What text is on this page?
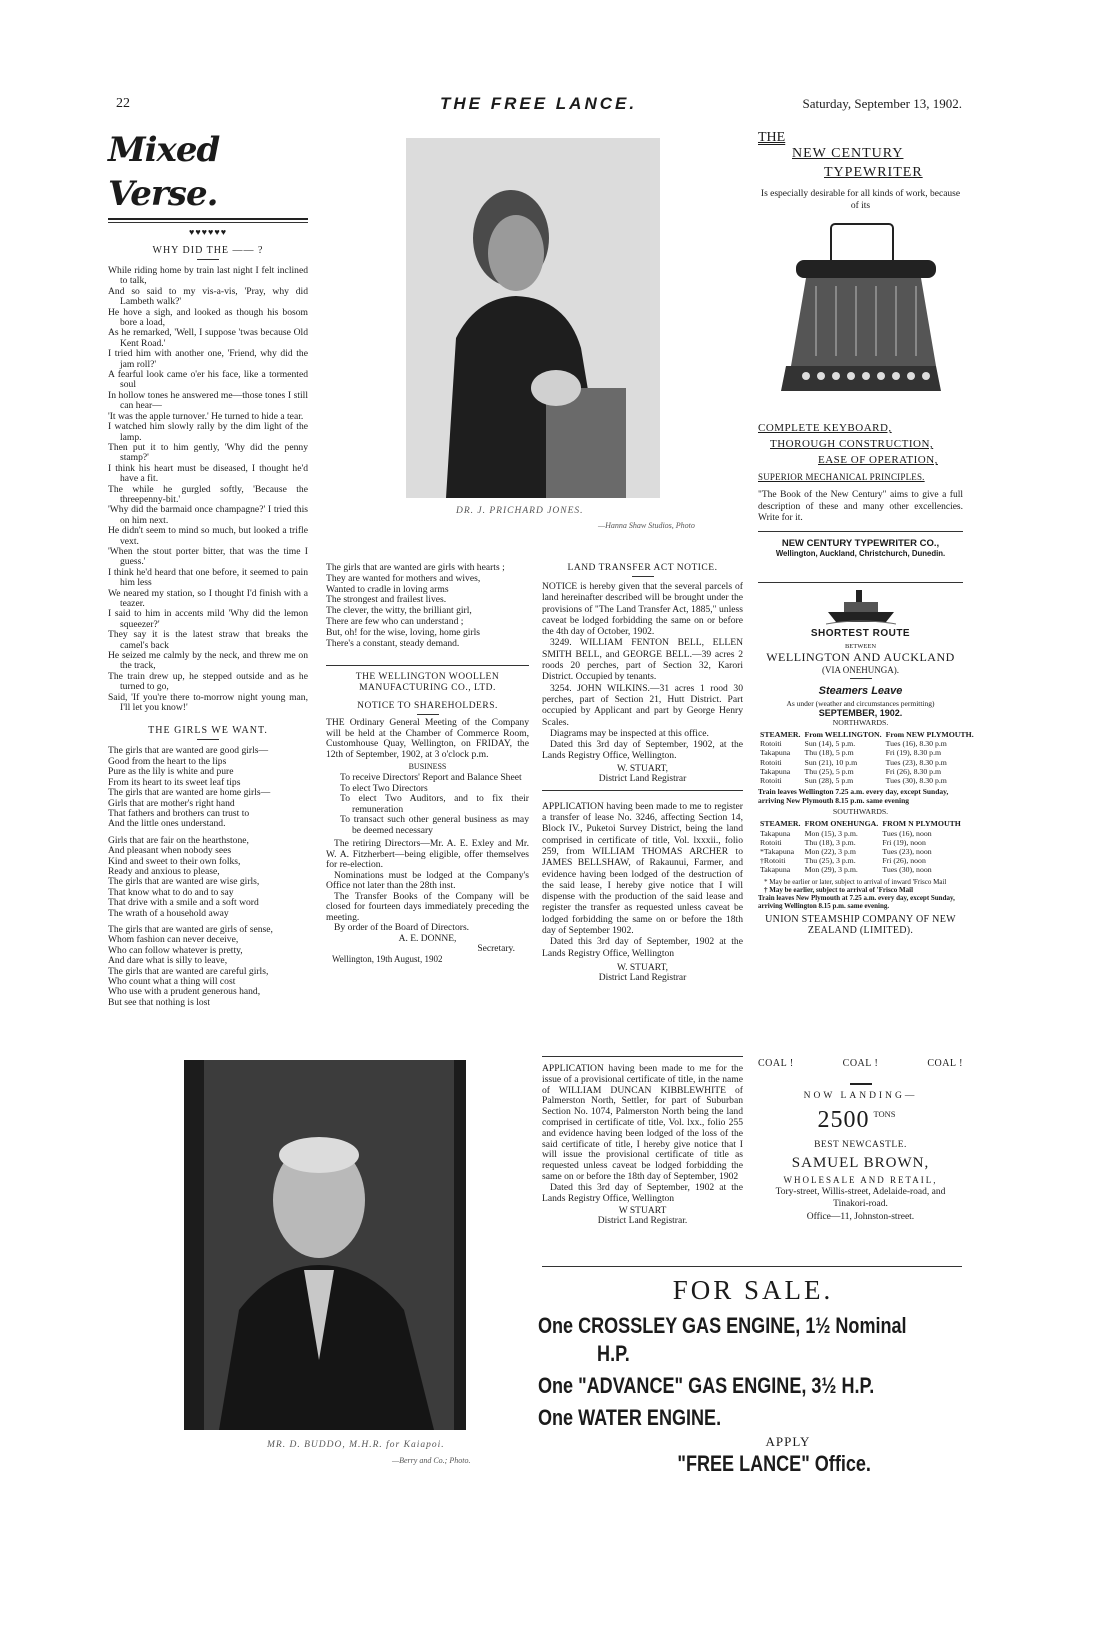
22	THE FREE LANCE.	Saturday, September 13, 1902.
Mixed Verse.
♥♥♥♥♥♥
WHY DID THE —— ?
While riding home by train last night I felt inclined to talk,
And so said to my vis-a-vis, 'Pray, why did Lambeth walk?'
He hove a sigh, and looked as though his bosom bore a load,
As he remarked, 'Well, I suppose 'twas because Old Kent Road.'
I tried him with another one, 'Friend, why did the jam roll?'
A fearful look came o'er his face, like a tormented soul
In hollow tones he answered me—those tones I still can hear—
'It was the apple turnover.' He turned to hide a tear.
I watched him slowly rally by the dim light of the lamp.
Then put it to him gently, 'Why did the penny stamp?'
I think his heart must be diseased, I thought he'd have a fit.
The while he gurgled softly, 'Because the threepenny-bit.'
'Why did the barmaid once champagne?' I tried this on him next.
He didn't seem to mind so much, but looked a trifle vext.
'When the stout porter bitter, that was the time I guess.'
I think he'd heard that one before, it seemed to pain him less
We neared my station, so I thought I'd finish with a teazer.
I said to him in accents mild 'Why did the lemon squeezer?'
They say it is the latest straw that breaks the camel's back
He seized me calmly by the neck, and threw me on the track,
The train drew up, he stepped outside and as he turned to go,
Said, 'If you're there to-morrow night young man, I'll let you know!'
THE GIRLS WE WANT.
The girls that are wanted are good girls—
Good from the heart to the lips
Pure as the lily is white and pure
From its heart to its sweet leaf tips
The girls that are wanted are home girls—
Girls that are mother's right hand
That fathers and brothers can trust to
And the little ones understand.
Girls that are fair on the hearthstone,
And pleasant when nobody sees
Kind and sweet to their own folks,
Ready and anxious to please,
The girls that are wanted are wise girls,
That know what to do and to say
That drive with a smile and a soft word
The wrath of a household away
The girls that are wanted are girls of sense,
Whom fashion can never deceive,
Who can follow whatever is pretty,
And dare what is silly to leave,
The girls that are wanted are careful girls,
Who count what a thing will cost
Who use with a prudent generous hand,
But see that nothing is lost
DR. J. PRICHARD JONES.
—Hanna Shaw Studios, Photo
The girls that are wanted are girls with hearts ;
They are wanted for mothers and wives,
Wanted to cradle in loving arms
The strongest and frailest lives.
The clever, the witty, the brilliant girl,
There are few who can understand ;
But, oh! for the wise, loving, home girls
There's a constant, steady demand.
THE WELLINGTON WOOLLEN MANUFACTURING CO., LTD.
NOTICE TO SHAREHOLDERS.
THE Ordinary General Meeting of the Company will be held at the Chamber of Commerce Room, Customhouse Quay, Wellington, on FRIDAY, the 12th of September, 1902, at 3 o'clock p.m.
BUSINESS
To receive Directors' Report and Balance Sheet
To elect Two Directors
To elect Two Auditors, and to fix their remuneration
To transact such other general business as may be deemed necessary
The retiring Directors—Mr. A. E. Exley and Mr. W. A. Fitzherbert—being eligible, offer themselves for re-election.
Nominations must be lodged at the Company's Office not later than the 28th inst.
The Transfer Books of the Company will be closed for fourteen days immediately preceding the meeting.
By order of the Board of Directors.
A. E. DONNE,
Secretary.
Wellington, 19th August, 1902
LAND TRANSFER ACT NOTICE.
NOTICE is hereby given that the several parcels of land hereinafter described will be brought under the provisions of "The Land Transfer Act, 1885," unless caveat be lodged forbidding the same on or before the 4th day of October, 1902.
3249. WILLIAM FENTON BELL, ELLEN SMITH BELL, and GEORGE BELL.—39 acres 2 roods 20 perches, part of Section 32, Karori District. Occupied by tenants.
3254. JOHN WILKINS.—31 acres 1 rood 30 perches, part of Section 21, Hutt District. Part occupied by Applicant and part by George Henry Scales.
Diagrams may be inspected at this office.
Dated this 3rd day of September, 1902, at the Lands Registry Office, Wellington.
W. STUART,
District Land Registrar
APPLICATION having been made to me to register a transfer of lease No. 3246, affecting Section 14, Block IV., Puketoi Survey District, being the land comprised in certificate of title, Vol. lxxxii., folio 259, from WILLIAM THOMAS ARCHER to JAMES BELLSHAW, of Rakaunui, Farmer, and evidence having been lodged of the destruction of the said lease, I hereby give notice that I will dispense with the production of the said lease and register the transfer as requested unless caveat be lodged forbidding the same on or before the 18th day of September 1902.
Dated this 3rd day of September, 1902 at the Lands Registry Office, Wellington
W. STUART,
District Land Registrar
MR. D. BUDDO, M.H.R. for Kaiapoi.
—Berry and Co.; Photo.
APPLICATION having been made to me for the issue of a provisional certificate of title, in the name of WILLIAM DUNCAN KIBBLEWHITE of Palmerston North, Settler, for part of Suburban Section No. 1074, Palmerston North being the land comprised in certificate of title, Vol. lxx., folio 255 and evidence having been lodged of the loss of the said certificate of title, I hereby give notice that I will issue the provisional certificate of title as requested unless caveat be lodged forbidding the same on or before the 18th day of September, 1902
Dated this 3rd day of September, 1902 at the Lands Registry Office, Wellington
W STUART
District Land Registrar.
THE
NEW CENTURY
TYPEWRITER
Is especially desirable for all kinds of work, because of its
COMPLETE KEYBOARD,
THOROUGH CONSTRUCTION,
EASE OF OPERATION,
SUPERIOR MECHANICAL PRINCIPLES.
"The Book of the New Century" aims to give a full description of these and many other excellencies. Write for it.
NEW CENTURY TYPEWRITER CO.,
Wellington, Auckland, Christchurch, Dunedin.
SHORTEST ROUTE
BETWEEN
WELLINGTON AND AUCKLAND
(VIA ONEHUNGA).
Steamers Leave
As under (weather and circumstances permitting)
SEPTEMBER, 1902.
NORTHWARDS.
STEAMER.	From WELLINGTON.	From NEW PLYMOUTH.
Rotoiti	Sun (14), 5 p.m.	Tues (16), 8.30 p.m
Takapuna	Thu (18), 5 p.m	Fri (19), 8.30 p.m
Rotoiti	Sun (21), 10 p.m	Tues (23), 8.30 p.m
Takapuna	Thu (25), 5 p.m	Fri (26), 8.30 p.m
Rotoiti	Sun (28), 5 p.m	Tues (30), 8.30 p.m
Train leaves Wellington 7.25 a.m. every day, except Sunday, arriving New Plymouth 8.15 p.m. same evening
SOUTHWARDS.
STEAMER.	FROM ONEHUNGA.	FROM N PLYMOUTH
Takapuna	Mon (15), 3 p.m.	Tues (16), noon
Rotoiti	Thu (18), 3 p.m.	Fri (19), noon
*Takapuna	Mon (22), 3 p.m	Tues (23), noon
†Rotoiti	Thu (25), 3 p.m.	Fri (26), noon
Takapuna	Mon (29), 3 p.m.	Tues (30), noon
* May be earlier or later, subject to arrival of inward 'Frisco Mail
† May be earlier, subject to arrival of 'Frisco Mail
Train leaves New Plymouth at 7.25 a.m. every day, except Sunday, arriving Wellington 8.15 p.m. same evening.
UNION STEAMSHIP COMPANY OF NEW ZEALAND (LIMITED).
COAL !	COAL !	COAL !
NOW LANDING—
2500 $^{TONS}$
BEST NEWCASTLE.
SAMUEL BROWN,
WHOLESALE AND RETAIL,
Tory-street, Willis-street, Adelaide-road, and Tinakori-road.
Office—11, Johnston-street.
FOR SALE.
One CROSSLEY GAS ENGINE, 1½ Nominal
H.P.
One "ADVANCE" GAS ENGINE, 3½ H.P.
One WATER ENGINE.
APPLY
"FREE LANCE" Office.
